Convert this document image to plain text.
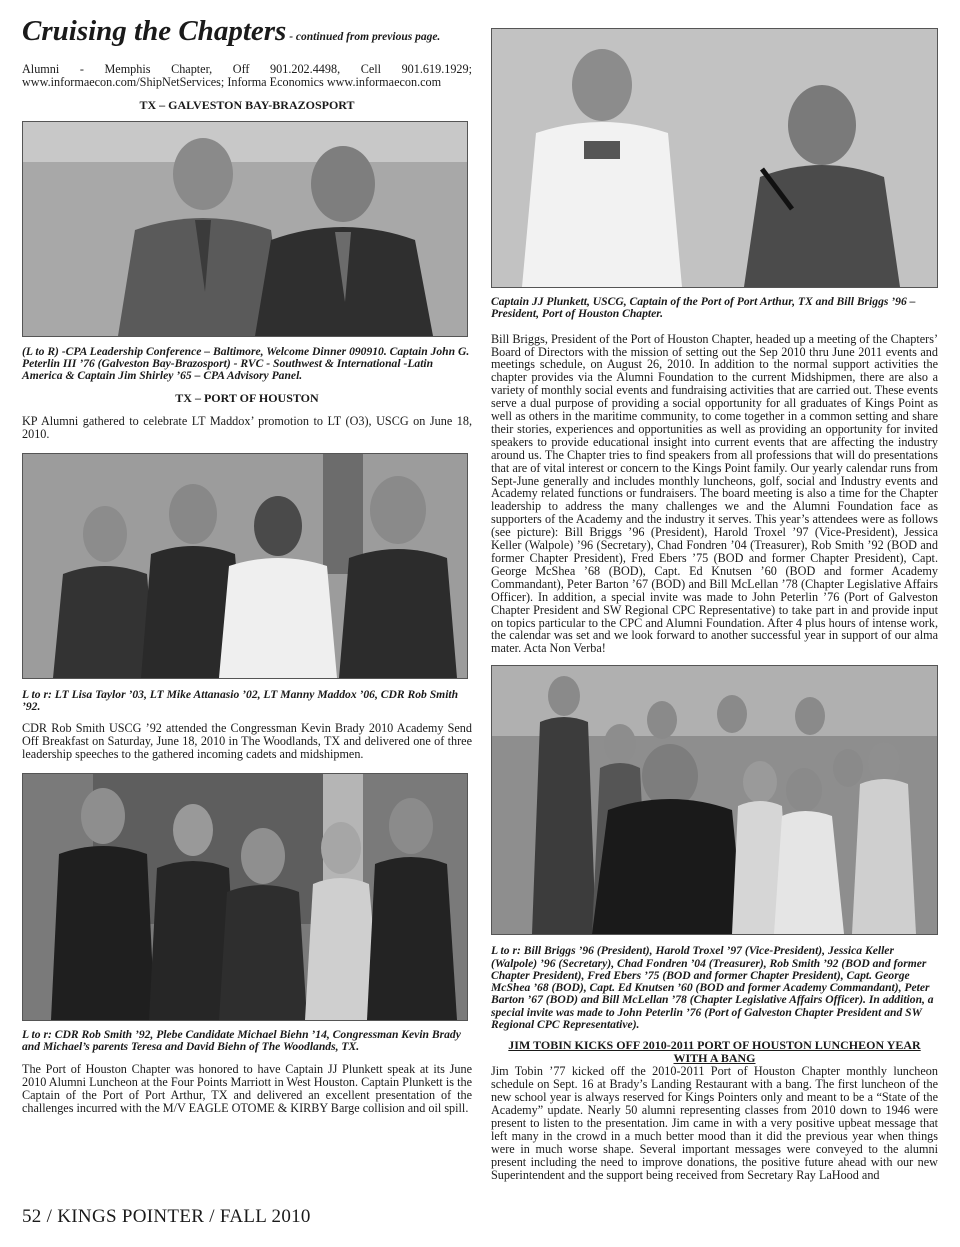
Cruising the Chapters - continued from previous page.

Alumni - Memphis Chapter, Off 901.202.4498, Cell 901.619.1929; www.informaecon.com/ShipNetServices; Informa Economics www.informaecon.com

TX – GALVESTON BAY-BRAZOSPORT

(L to R) -CPA Leadership Conference – Baltimore, Welcome Dinner 090910. Captain John G. Peterlin III ’76 (Galveston Bay-Brazosport) - RVC - Southwest & International -Latin America & Captain Jim Shirley ’65 – CPA Advisory Panel.

TX – PORT OF HOUSTON

KP Alumni gathered to celebrate LT Maddox’ promotion to LT (O3), USCG on June 18, 2010.

L to r: LT Lisa Taylor ’03, LT Mike Attanasio ’02, LT Manny Maddox ’06, CDR Rob Smith ’92.

CDR Rob Smith USCG ’92 attended the Congressman Kevin Brady 2010 Academy Send Off Breakfast on Saturday, June 18, 2010 in The Woodlands, TX and delivered one of three leadership speeches to the gathered incoming cadets and midshipmen.

L to r: CDR Rob Smith ’92, Plebe Candidate Michael Biehn ’14, Congressman Kevin Brady and Michael’s parents Teresa and David Biehn of The Woodlands, TX.

The Port of Houston Chapter was honored to have Captain JJ Plunkett speak at its June 2010 Alumni Luncheon at the Four Points Marriott in West Houston. Captain Plunkett is the Captain of the Port of Port Arthur, TX and delivered an excellent presentation of the challenges incurred with the M/V EAGLE OTOME & KIRBY Barge collision and oil spill.

Captain JJ Plunkett, USCG, Captain of the Port of Port Arthur, TX and Bill Briggs ’96 – President, Port of Houston Chapter.

Bill Briggs, President of the Port of Houston Chapter, headed up a meeting of the Chapters’ Board of Directors with the mission of setting out the Sep 2010 thru June 2011 events and meetings schedule, on August 26, 2010. In addition to the normal support activities the chapter provides via the Alumni Foundation to the current Midshipmen, there are also a variety of monthly social events and fundraising activities that are carried out. These events serve a dual purpose of providing a social opportunity for all graduates of Kings Point as well as others in the maritime community, to come together in a common setting and share their stories, experiences and opportunities as well as providing an opportunity for invited speakers to provide educational insight into current events that are affecting the industry around us. The Chapter tries to find speakers from all professions that will do presentations that are of vital interest or concern to the Kings Point family. Our yearly calendar runs from Sept-June generally and includes monthly luncheons, golf, social and Industry events and Academy related functions or fundraisers. The board meeting is also a time for the Chapter leadership to address the many challenges we and the Alumni Foundation face as supporters of the Academy and the industry it serves. This year’s attendees were as follows (see picture): Bill Briggs ’96 (President), Harold Troxel ’97 (Vice-President), Jessica Keller (Walpole) ’96 (Secretary), Chad Fondren ’04 (Treasurer), Rob Smith ’92 (BOD and former Chapter President), Fred Ebers ’75 (BOD and former Chapter President), Capt. George McShea ’68 (BOD), Capt. Ed Knutsen ’60 (BOD and former Academy Commandant), Peter Barton ’67 (BOD) and Bill McLellan ’78 (Chapter Legislative Affairs Officer). In addition, a special invite was made to John Peterlin ’76 (Port of Galveston Chapter President and SW Regional CPC Representative) to take part in and provide input on topics particular to the CPC and Alumni Foundation. After 4 plus hours of intense work, the calendar was set and we look forward to another successful year in support of our alma mater. Acta Non Verba!

L to r: Bill Briggs ’96 (President), Harold Troxel ’97 (Vice-President), Jessica Keller (Walpole) ’96 (Secretary), Chad Fondren ’04 (Treasurer), Rob Smith ’92 (BOD and former Chapter President), Fred Ebers ’75 (BOD and former Chapter President), Capt. George McShea ’68 (BOD), Capt. Ed Knutsen ’60 (BOD and former Academy Commandant), Peter Barton ’67 (BOD) and Bill McLellan ’78 (Chapter Legislative Affairs Officer). In addition, a special invite was made to John Peterlin ’76 (Port of Galveston Chapter President and SW Regional CPC Representative).

JIM TOBIN KICKS OFF 2010-2011 PORT OF HOUSTON LUNCHEON YEAR WITH A BANG

Jim Tobin ’77 kicked off the 2010-2011 Port of Houston Chapter monthly luncheon schedule on Sept. 16 at Brady’s Landing Restaurant with a bang. The first luncheon of the new school year is always reserved for Kings Pointers only and meant to be a “State of the Academy” update. Nearly 50 alumni representing classes from 2010 down to 1946 were present to listen to the presentation. Jim came in with a very positive upbeat message that left many in the crowd in a much better mood than it did the previous year when things were in much worse shape. Several important messages were conveyed to the alumni present including the need to improve donations, the positive future ahead with our new Superintendent and the support being received from Secretary Ray LaHood and

52 / KINGS POINTER / FALL 2010
